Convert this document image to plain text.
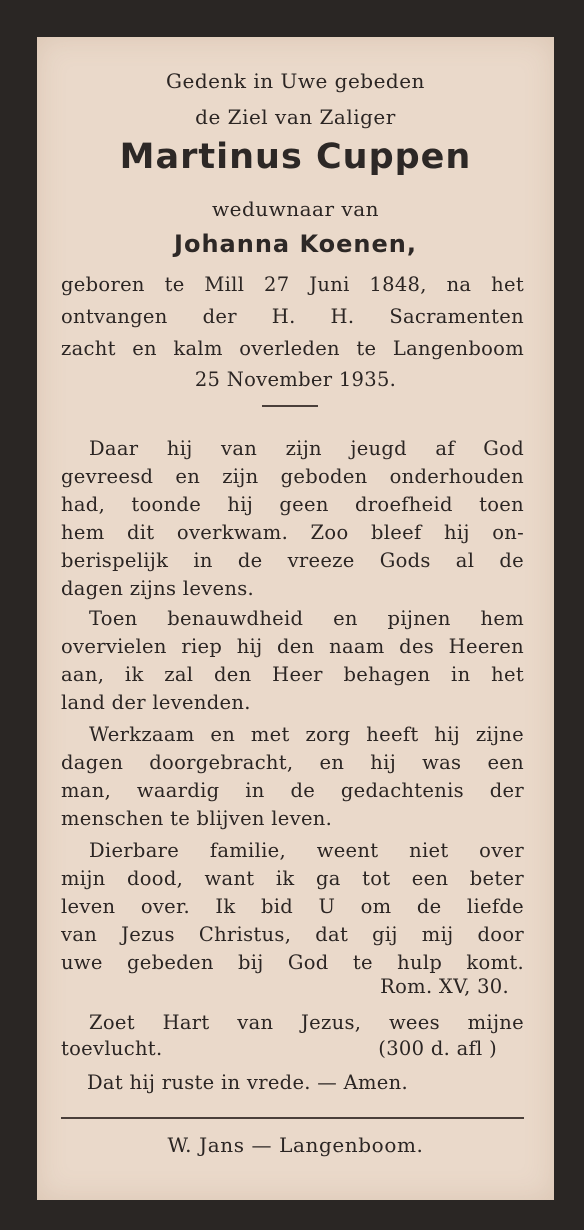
Gedenk in Uwe gebeden
de Ziel van Zaliger
Martinus Cuppen
weduwnaar van
Johanna Koenen,
geboren te Mill 27 Juni 1848, na het
ontvangen der H. H. Sacramenten
zacht en kalm overleden te Langenboom
25 November 1935.
Daar hij van zijn jeugd af God
gevreesd en zijn geboden onderhouden
had, toonde hij geen droefheid toen
hem dit overkwam. Zoo bleef hij on-
berispelijk in de vreeze Gods al de
dagen zijns levens.
Toen benauwdheid en pijnen hem
overvielen riep hij den naam des Heeren
aan, ik zal den Heer behagen in het
land der levenden.
Werkzaam en met zorg heeft hij zijne
dagen doorgebracht, en hij was een
man, waardig in de gedachtenis der
menschen te blijven leven.
Dierbare familie, weent niet over
mijn dood, want ik ga tot een beter
leven over. Ik bid U om de liefde
van Jezus Christus, dat gij mij door
uwe gebeden bij God te hulp komt.
Rom. XV, 30.
Zoet Hart van Jezus, wees mijne
toevlucht.	(300 d. afl )
Dat hij ruste in vrede. — Amen.
W. Jans — Langenboom.
